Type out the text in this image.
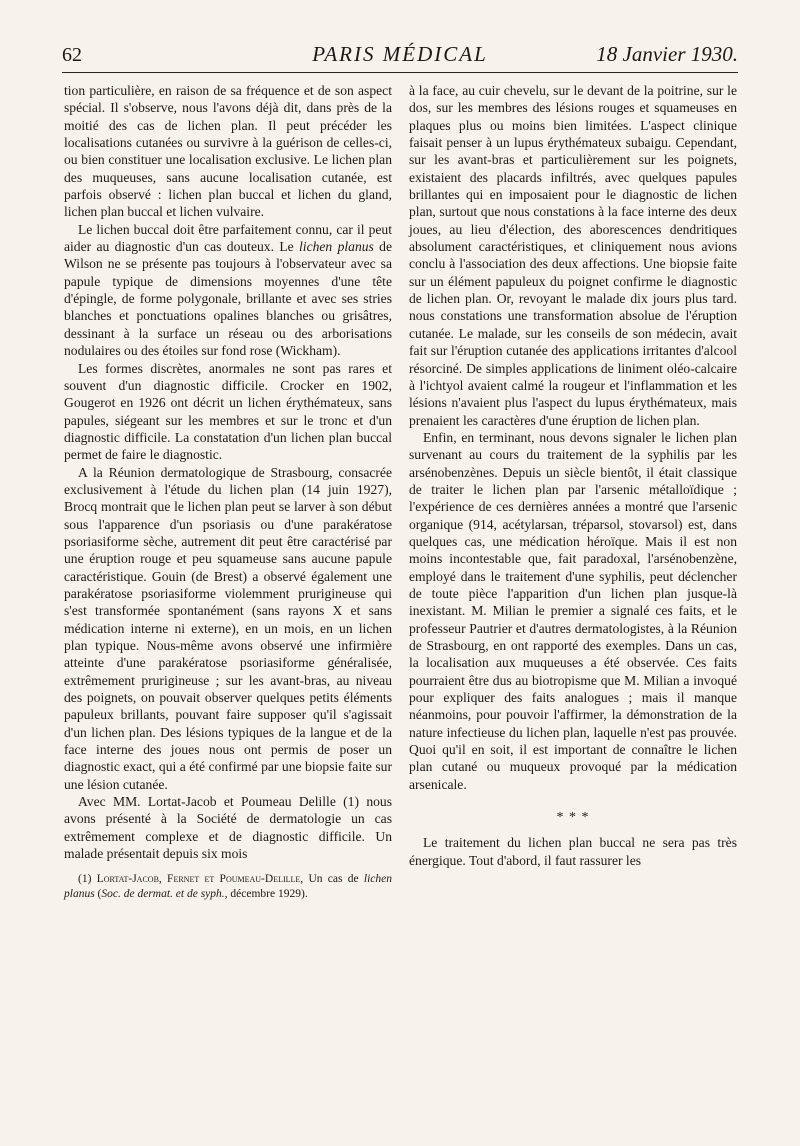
62	PARIS MÉDICAL	18 Janvier 1930.

tion particulière, en raison de sa fréquence et de son aspect spécial. Il s'observe, nous l'avons déjà dit, dans près de la moitié des cas de lichen plan. Il peut précéder les localisations cutanées ou survivre à la guérison de celles-ci, ou bien constituer une localisation exclusive. Le lichen plan des muqueuses, sans aucune localisation cutanée, est parfois observé : lichen plan buccal et lichen du gland, lichen plan buccal et lichen vulvaire.

Le lichen buccal doit être parfaitement connu, car il peut aider au diagnostic d'un cas douteux. Le lichen planus de Wilson ne se présente pas toujours à l'observateur avec sa papule typique de dimensions moyennes d'une tête d'épingle, de forme polygonale, brillante et avec ses stries blanches et ponctuations opalines blanches ou grisâtres, dessinant à la surface un réseau ou des arborisations nodulaires ou des étoiles sur fond rose (Wickham).

Les formes discrètes, anormales ne sont pas rares et souvent d'un diagnostic difficile. Crocker en 1902, Gougerot en 1926 ont décrit un lichen érythémateux, sans papules, siégeant sur les membres et sur le tronc et d'un diagnostic difficile. La constatation d'un lichen plan buccal permet de faire le diagnostic.

A la Réunion dermatologique de Strasbourg, consacrée exclusivement à l'étude du lichen plan (14 juin 1927), Brocq montrait que le lichen plan peut se larver à son début sous l'apparence d'un psoriasis ou d'une parakératose psoriasiforme sèche, autrement dit peut être caractérisé par une éruption rouge et peu squameuse sans aucune papule caractéristique. Gouin (de Brest) a observé également une parakératose psoriasiforme violemment prurigineuse qui s'est transformée spontanément (sans rayons X et sans médication interne ni externe), en un mois, en un lichen plan typique. Nous-même avons observé une infirmière atteinte d'une parakératose psoriasiforme généralisée, extrêmement prurigineuse ; sur les avant-bras, au niveau des poignets, on pouvait observer quelques petits éléments papuleux brillants, pouvant faire supposer qu'il s'agissait d'un lichen plan. Des lésions typiques de la langue et de la face interne des joues nous ont permis de poser un diagnostic exact, qui a été confirmé par une biopsie faite sur une lésion cutanée.

Avec MM. Lortat-Jacob et Poumeau Delille (1) nous avons présenté à la Société de dermatologie un cas extrêmement complexe et de diagnostic difficile. Un malade présentait depuis six mois

(1) Lortat-Jacob, Fernet et Poumeau-Delille, Un cas de lichen planus (Soc. de dermat. et de syph., décembre 1929).

à la face, au cuir chevelu, sur le devant de la poitrine, sur le dos, sur les membres des lésions rouges et squameuses en plaques plus ou moins bien limitées. L'aspect clinique faisait penser à un lupus érythémateux subaigu. Cependant, sur les avant-bras et particulièrement sur les poignets, existaient des placards infiltrés, avec quelques papules brillantes qui en imposaient pour le diagnostic de lichen plan, surtout que nous constations à la face interne des deux joues, au lieu d'élection, des aborescences dendritiques absolument caractéristiques, et cliniquement nous avions conclu à l'association des deux affections. Une biopsie faite sur un élément papuleux du poignet confirme le diagnostic de lichen plan. Or, revoyant le malade dix jours plus tard. nous constations une transformation absolue de l'éruption cutanée. Le malade, sur les conseils de son médecin, avait fait sur l'éruption cutanée des applications irritantes d'alcool résorciné. De simples applications de liniment oléo-calcaire à l'ichtyol avaient calmé la rougeur et l'inflammation et les lésions n'avaient plus l'aspect du lupus érythémateux, mais prenaient les caractères d'une éruption de lichen plan.

Enfin, en terminant, nous devons signaler le lichen plan survenant au cours du traitement de la syphilis par les arsénobenzènes. Depuis un siècle bientôt, il était classique de traiter le lichen plan par l'arsenic métalloïdique ; l'expérience de ces dernières années a montré que l'arsenic organique (914, acétylarsan, tréparsol, stovarsol) est, dans quelques cas, une médication héroïque. Mais il est non moins incontestable que, fait paradoxal, l'arsénobenzène, employé dans le traitement d'une syphilis, peut déclencher de toute pièce l'apparition d'un lichen plan jusque-là inexistant. M. Milian le premier a signalé ces faits, et le professeur Pautrier et d'autres dermatologistes, à la Réunion de Strasbourg, en ont rapporté des exemples. Dans un cas, la localisation aux muqueuses a été observée. Ces faits pourraient être dus au biotropisme que M. Milian a invoqué pour expliquer des faits analogues ; mais il manque néanmoins, pour pouvoir l'affirmer, la démonstration de la nature infectieuse du lichen plan, laquelle n'est pas prouvée. Quoi qu'il en soit, il est important de connaître le lichen plan cutané ou muqueux provoqué par la médication arsenicale.

* * *

Le traitement du lichen plan buccal ne sera pas très énergique. Tout d'abord, il faut rassurer les
